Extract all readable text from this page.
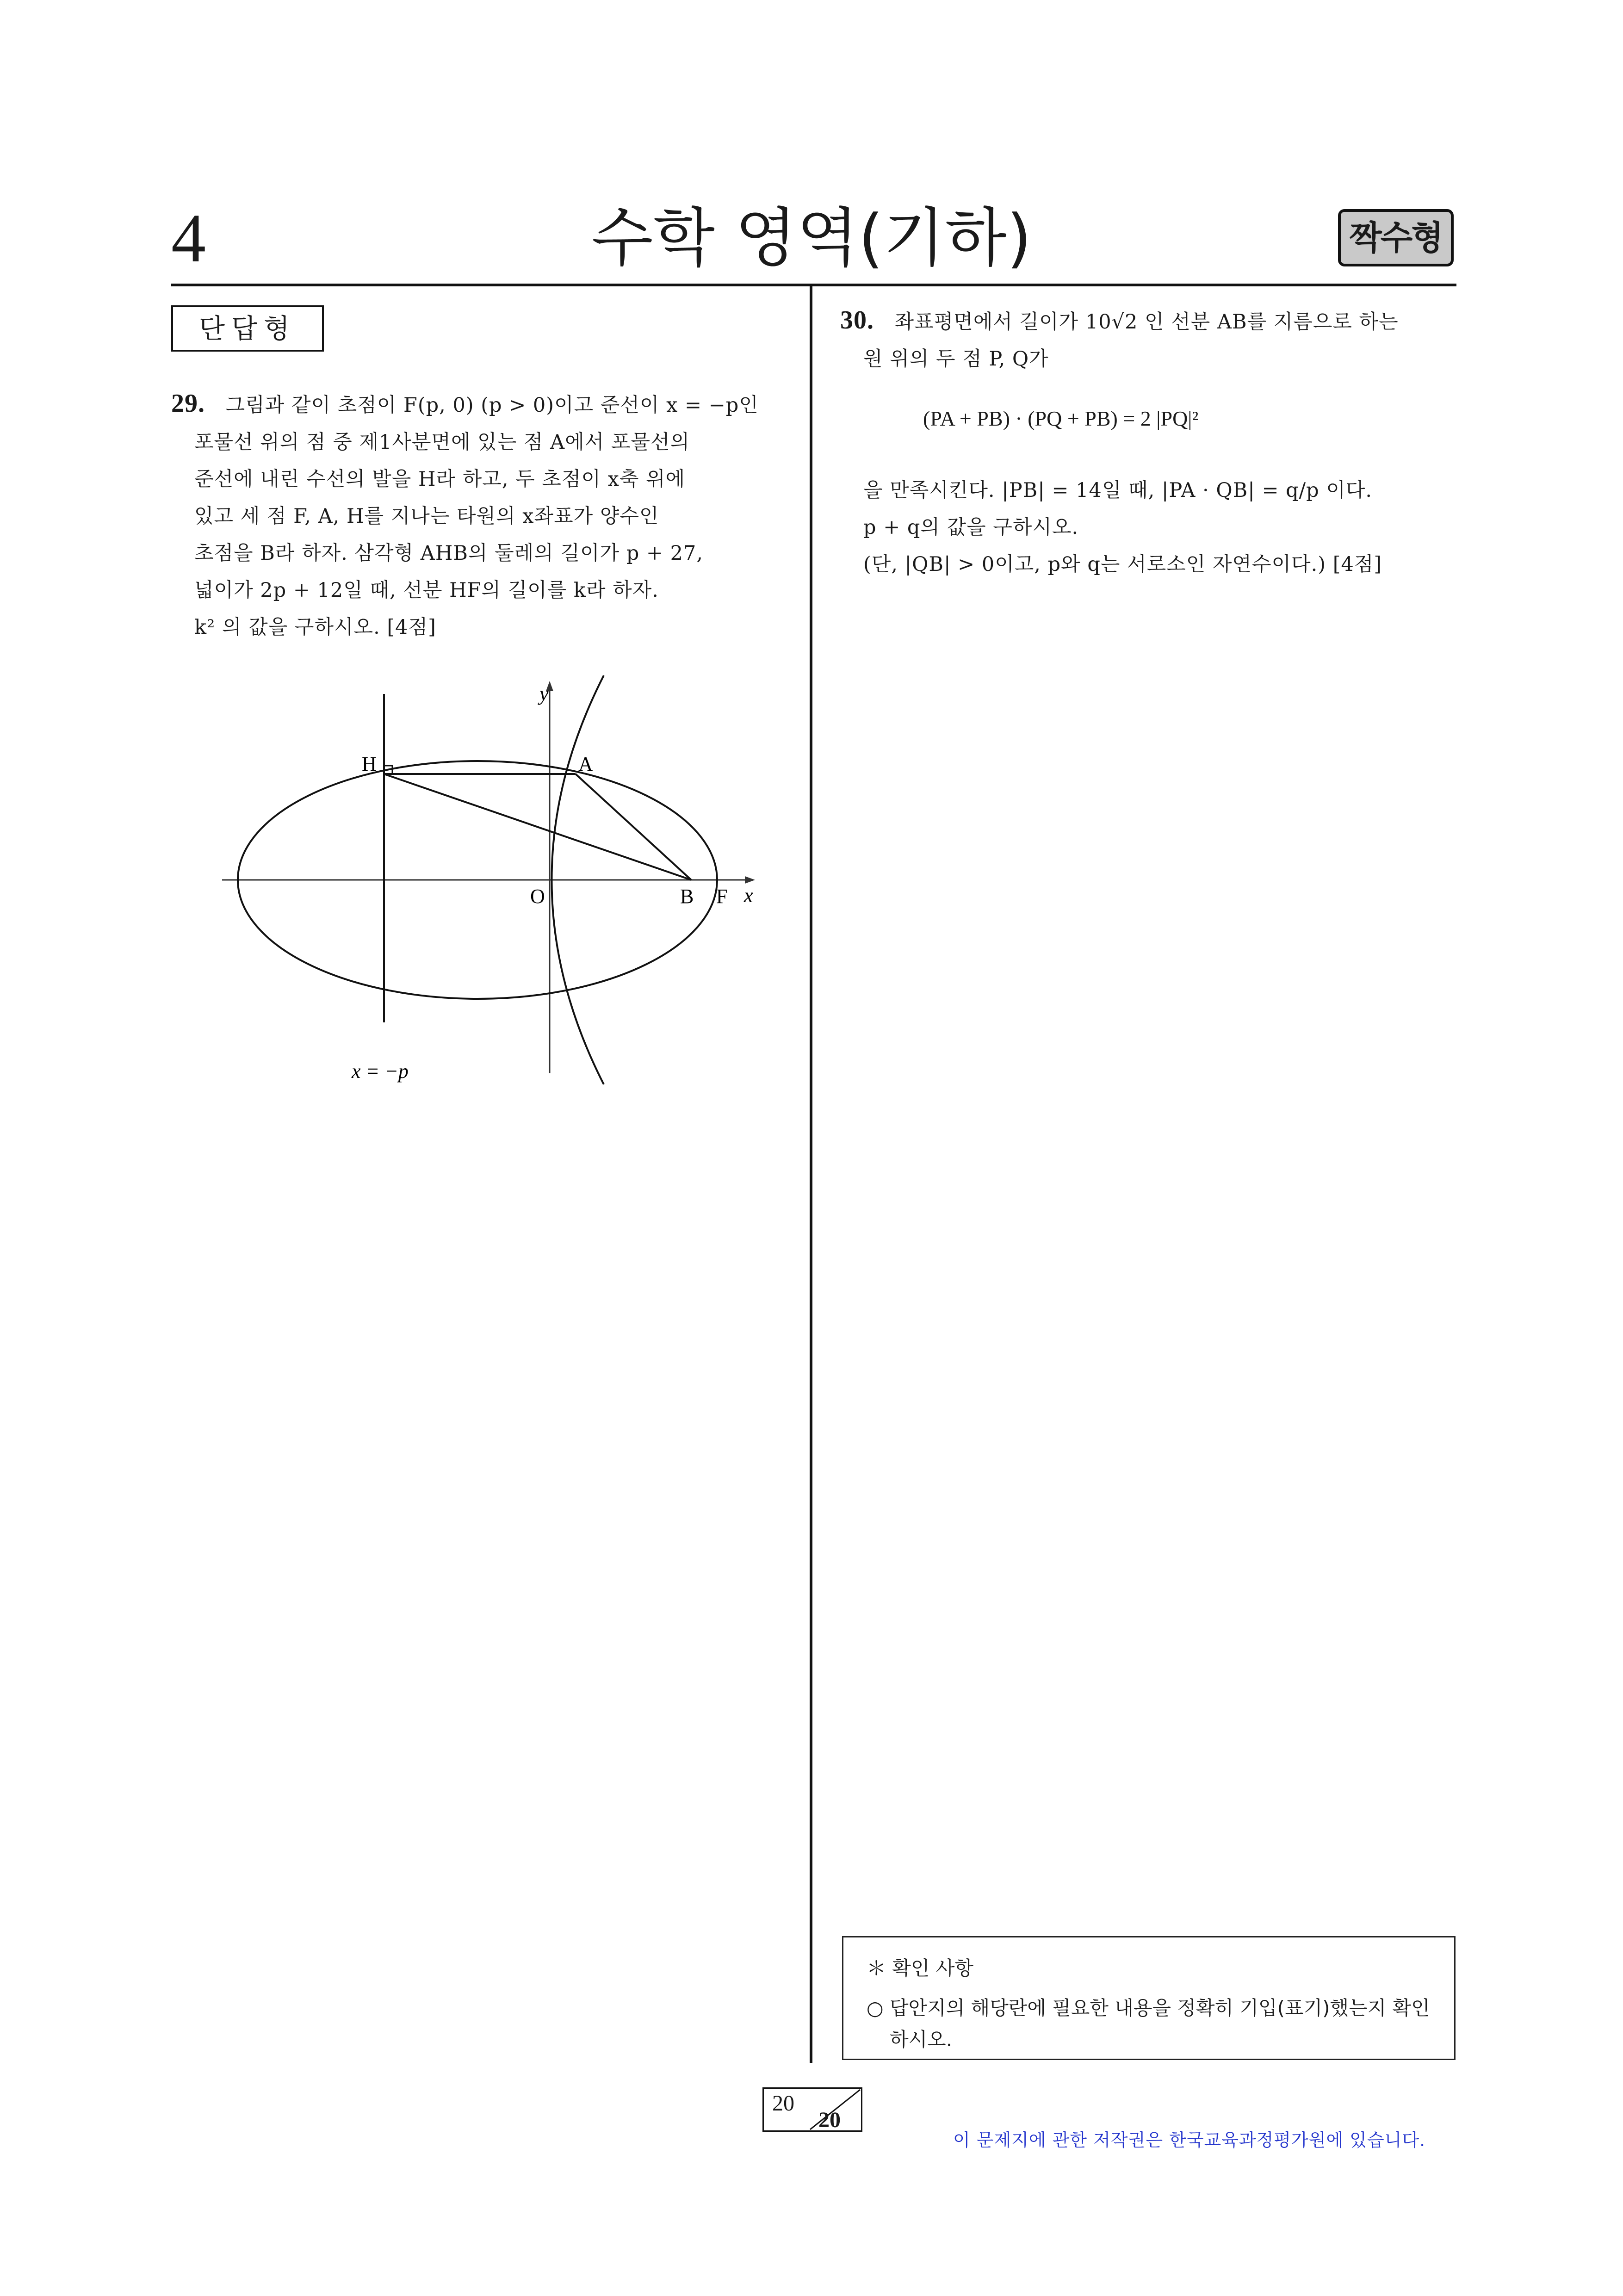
4	수학 영역(기하)	짝수형
단답형
29. 그림과 같이 초점이 F(p, 0) (p > 0)이고 준선이 x = −p인
포물선 위의 점 중 제1사분면에 있는 점 A에서 포물선의
준선에 내린 수선의 발을 H라 하고, 두 초점이 x축 위에
있고 세 점 F, A, H를 지나는 타원의 x좌표가 양수인
초점을 B라 하자. 삼각형 AHB의 둘레의 길이가 p + 27,
넓이가 2p + 12일 때, 선분 HF의 길이를 k라 하자.
k² 의 값을 구하시오. [4점]
y
x
H	A
O	B F
x = −p
30. 좌표평면에서 길이가 10√2 인 선분 AB를 지름으로 하는
원 위의 두 점 P, Q가
(PA + PB) · (PQ + PB) = 2 |PQ|²
을 만족시킨다. |PB| = 14일 때, |PA · QB| = q/p 이다.
p + q의 값을 구하시오.
(단, |QB| > 0이고, p와 q는 서로소인 자연수이다.) [4점]
＊ 확인 사항
○ 답안지의 해당란에 필요한 내용을 정확히 기입(표기)했는지 확인
하시오.
20
20
이 문제지에 관한 저작권은 한국교육과정평가원에 있습니다.
